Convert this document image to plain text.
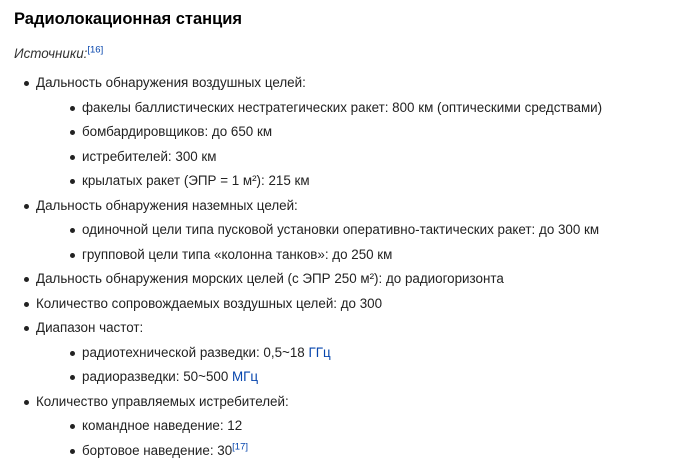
Радиолокационная станция
Источники:[16]
Дальность обнаружения воздушных целей:
факелы баллистических нестратегических ракет: 800 км (оптическими средствами)
бомбардировщиков: до 650 км
истребителей: 300 км
крылатых ракет (ЭПР = 1 м²): 215 км
Дальность обнаружения наземных целей:
одиночной цели типа пусковой установки оперативно-тактических ракет: до 300 км
групповой цели типа «колонна танков»: до 250 км
Дальность обнаружения морских целей (с ЭПР 250 м²): до радиогоризонта
Количество сопровождаемых воздушных целей: до 300
Диапазон частот:
радиотехнической разведки: 0,5~18 ГГц
радиоразведки: 50~500 МГц
Количество управляемых истребителей:
командное наведение: 12
бортовое наведение: 30[17]
